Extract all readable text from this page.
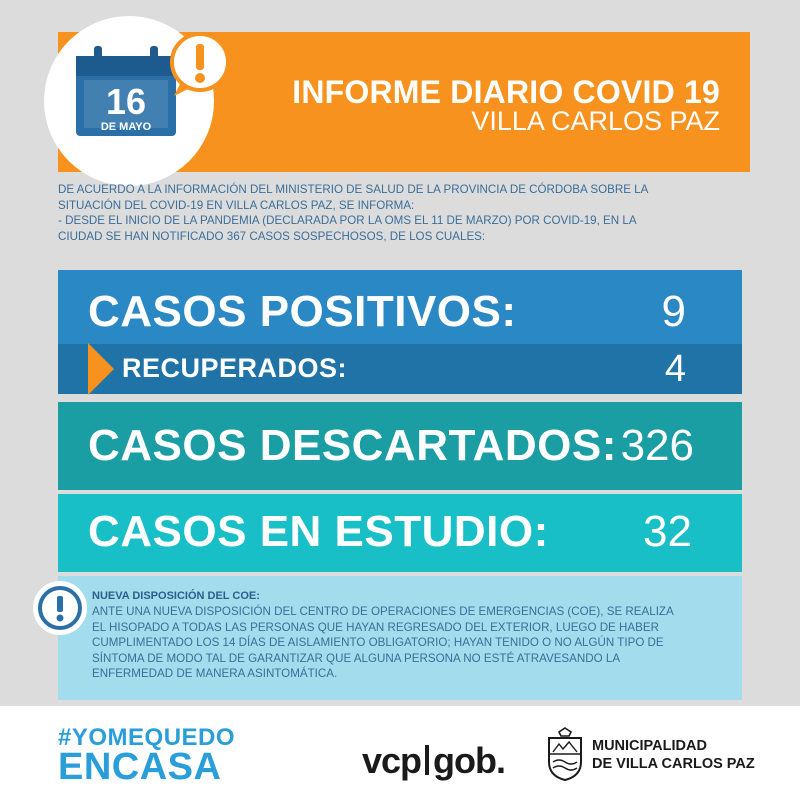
16
DE MAYO
INFORME DIARIO COVID 19
VILLA CARLOS PAZ
DE ACUERDO A LA INFORMACIÓN DEL MINISTERIO DE SALUD DE LA PROVINCIA DE CÓRDOBA SOBRE LA
SITUACIÓN DEL COVID-19 EN VILLA CARLOS PAZ, SE INFORMA:
- DESDE EL INICIO DE LA PANDEMIA (DECLARADA POR LA OMS EL 11 DE MARZO) POR COVID-19, EN LA
CIUDAD SE HAN NOTIFICADO 367 CASOS SOSPECHOSOS, DE LOS CUALES:
CASOS POSITIVOS:	9
RECUPERADOS:	4
CASOS DESCARTADOS: 326
CASOS EN ESTUDIO: 32
NUEVA DISPOSICIÓN DEL COE:
ANTE UNA NUEVA DISPOSICIÓN DEL CENTRO DE OPERACIONES DE EMERGENCIAS (COE), SE REALIZA
EL HISOPADO A TODAS LAS PERSONAS QUE HAYAN REGRESADO DEL EXTERIOR, LUEGO DE HABER
CUMPLIMENTADO LOS 14 DÍAS DE AISLAMIENTO OBLIGATORIO; HAYAN TENIDO O NO ALGÚN TIPO DE
SÍNTOMA DE MODO TAL DE GARANTIZAR QUE ALGUNA PERSONA NO ESTÉ ATRAVESANDO LA
ENFERMEDAD DE MANERA ASINTOMÁTICA.
#YOMEQUEDO
ENCASA	vcp gob.	MUNICIPALIDAD
DE VILLA CARLOS PAZ
